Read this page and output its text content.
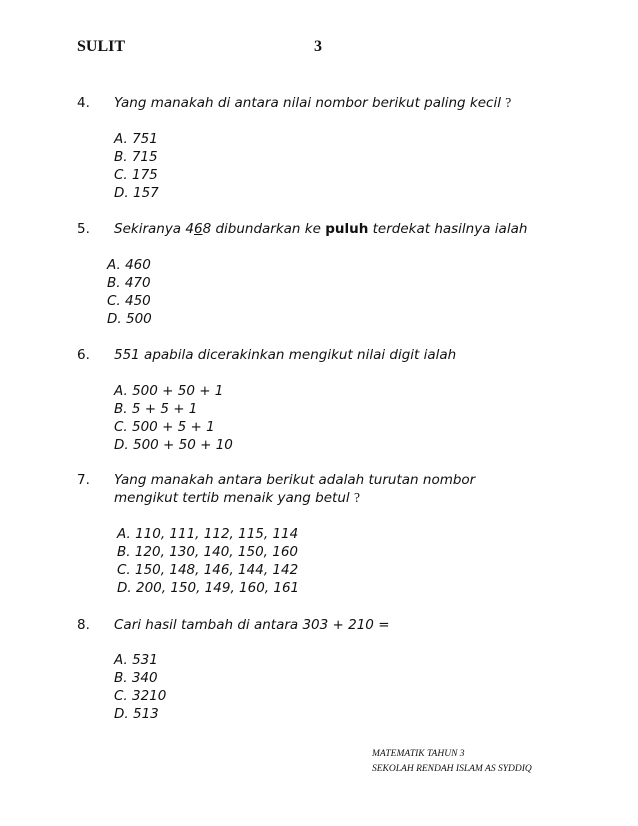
SULIT	3
4. Yang manakah di antara nilai nombor berikut paling kecil ?
A. 751
B. 715
C. 175
D. 157
5. Sekiranya 468 dibundarkan ke puluh terdekat hasilnya ialah
A. 460
B. 470
C. 450
D. 500
6. 551 apabila dicerakinkan mengikut nilai digit ialah
A. 500 + 50 + 1
B. 5 + 5 + 1
C. 500 + 5 + 1
D. 500 + 50 + 10
7. Yang manakah antara berikut adalah turutan nombor
mengikut tertib menaik yang betul ?
A. 110, 111, 112, 115, 114
B. 120, 130, 140, 150, 160
C. 150, 148, 146, 144, 142
D. 200, 150, 149, 160, 161
8. Cari hasil tambah di antara 303 + 210 =
A. 531
B. 340
C. 3210
D. 513
MATEMATIK TAHUN 3
SEKOLAH RENDAH ISLAM AS SYDDIQ
